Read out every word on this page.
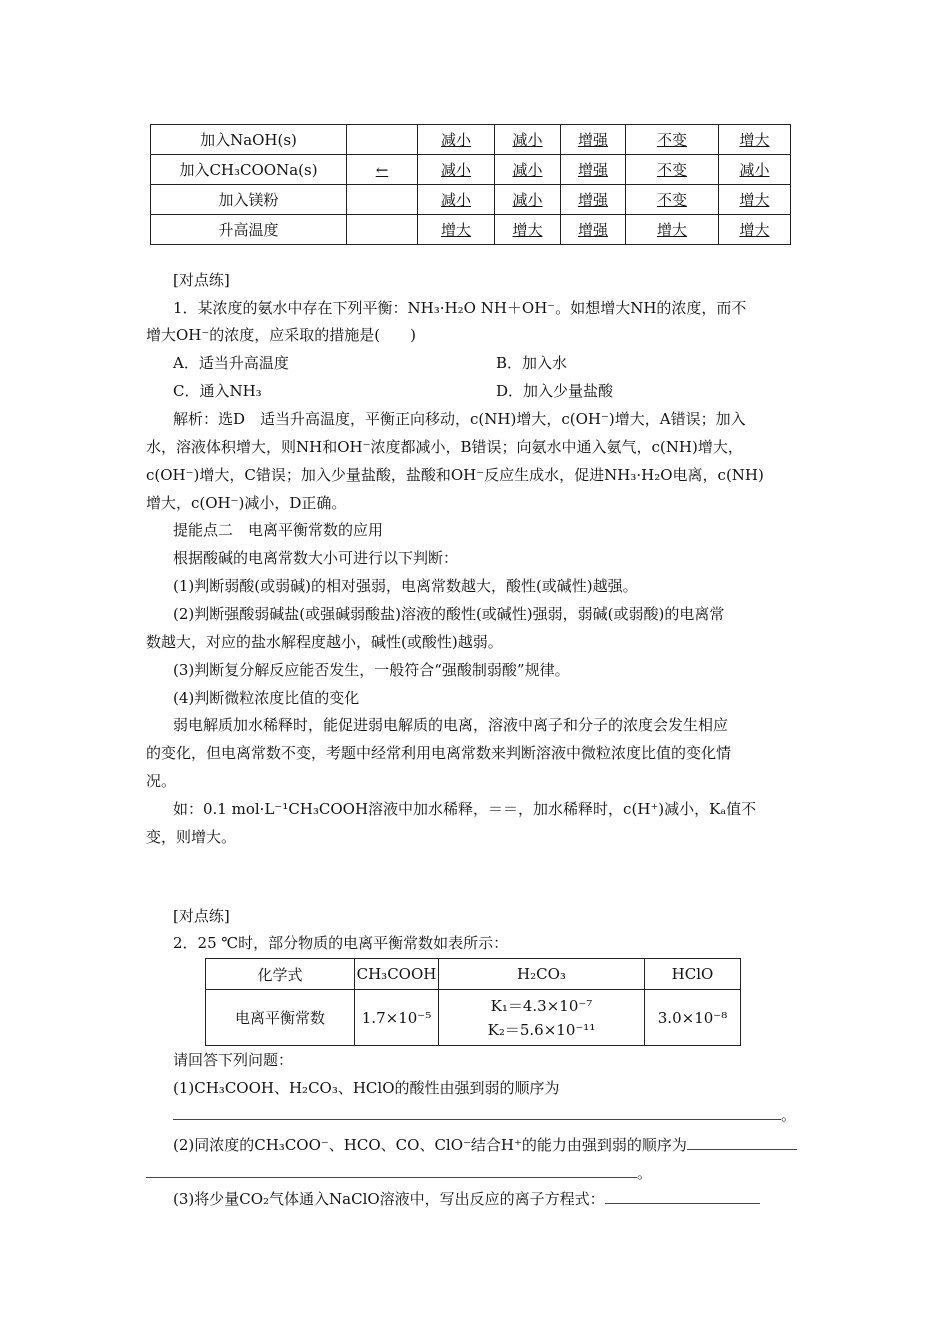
加入NaOH(s)		减小	减小	增强	不变	增大
加入CH₃COONa(s)	←	减小	减小	增强	不变	减小
加入镁粉		减小	减小	增强	不变	增大
升高温度		增大	增大	增强	增大	增大
[对点练]
1．某浓度的氨水中存在下列平衡：NH₃·H₂O NH＋OH⁻。如想增大NH的浓度，而不
增大OH⁻的浓度，应采取的措施是(　　)
A．适当升高温度	B．加入水
C．通入NH₃	D．加入少量盐酸
解析：选D　适当升高温度，平衡正向移动，c(NH)增大，c(OH⁻)增大，A错误；加入
水，溶液体积增大，则NH和OH⁻浓度都减小，B错误；向氨水中通入氨气，c(NH)增大，
c(OH⁻)增大，C错误；加入少量盐酸，盐酸和OH⁻反应生成水，促进NH₃·H₂O电离，c(NH)
增大，c(OH⁻)减小，D正确。
提能点二　电离平衡常数的应用
根据酸碱的电离常数大小可进行以下判断：
(1)判断弱酸(或弱碱)的相对强弱，电离常数越大，酸性(或碱性)越强。
(2)判断强酸弱碱盐(或强碱弱酸盐)溶液的酸性(或碱性)强弱，弱碱(或弱酸)的电离常
数越大，对应的盐水解程度越小，碱性(或酸性)越弱。
(3)判断复分解反应能否发生，一般符合“强酸制弱酸”规律。
(4)判断微粒浓度比值的变化
弱电解质加水稀释时，能促进弱电解质的电离，溶液中离子和分子的浓度会发生相应
的变化，但电离常数不变，考题中经常利用电离常数来判断溶液中微粒浓度比值的变化情
况。
如：0.1 mol·L⁻¹CH₃COOH溶液中加水稀释，＝＝，加水稀释时，c(H⁺)减小，Kₐ值不
变，则增大。
[对点练]
2．25 ℃时，部分物质的电离平衡常数如表所示：
化学式	CH₃COOH	H₂CO₃	HClO
电离平衡常数	1.7×10⁻⁵	K₁＝4.3×10⁻⁷
K₂＝5.6×10⁻¹¹	3.0×10⁻⁸
请回答下列问题：
(1)CH₃COOH、H₂CO₃、HClO的酸性由强到弱的顺序为
。
(2)同浓度的CH₃COO⁻、HCO、CO、ClO⁻结合H⁺的能力由强到弱的顺序为
。
(3)将少量CO₂气体通入NaClO溶液中，写出反应的离子方程式：
